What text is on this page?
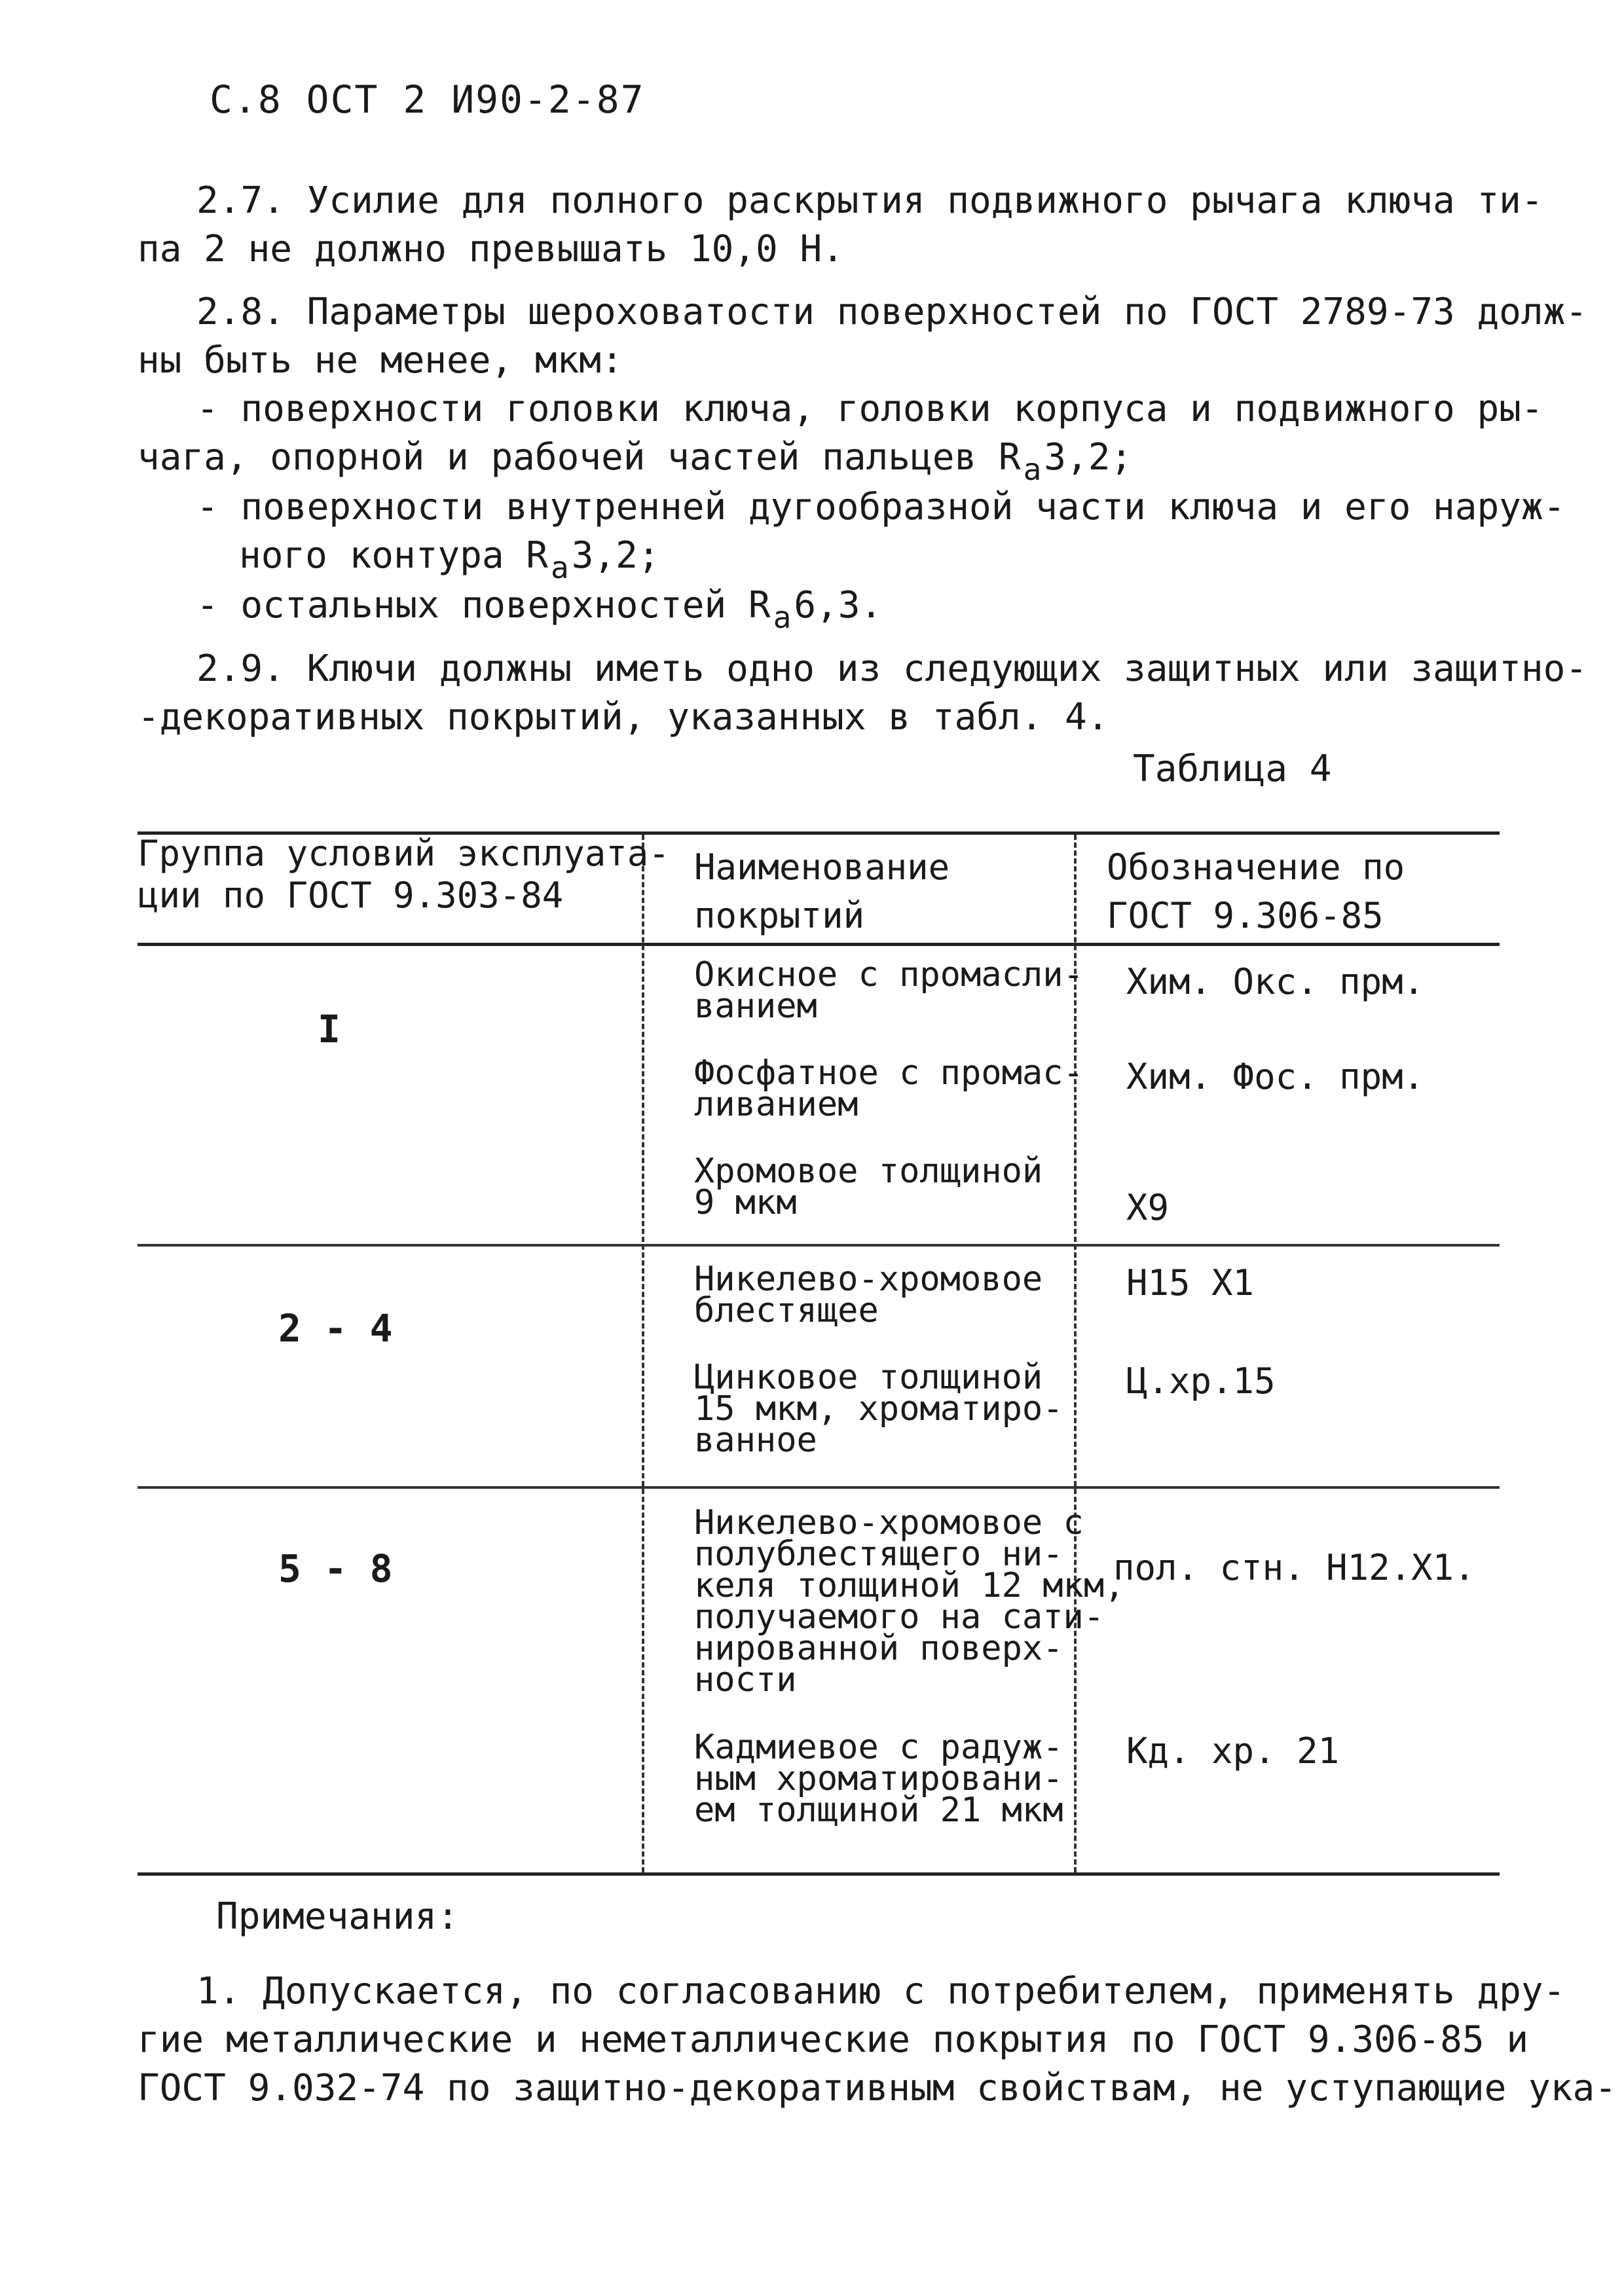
С.8 ОСТ 2 И90-2-87
2.7. Усилие для полного раскрытия подвижного рычага ключа ти-
па 2 не должно превышать 10,0 Н.
2.8. Параметры шероховатости поверхностей по ГОСТ 2789-73 долж-
ны быть не менее, мкм:
- поверхности головки ключа, головки корпуса и подвижного ры-
чага, опорной и рабочей частей пальцев $R_a3,2$;
- поверхности внутренней дугообразной части ключа и его наруж-
ного контура $R_a3,2$;
- остальных поверхностей $R_a6,3$.
2.9. Ключи должны иметь одно из следующих защитных или защитно-
-декоративных покрытий, указанных в табл. 4.
Таблица 4
Группа условий эксплуата-
ции по ГОСТ 9.303-84
Наименование
покрытий
Обозначение по
ГОСТ 9.306-85
I
Окисное с промасли-
ванием
Хим. Окс. прм.
Фосфатное с промас-
ливанием
Хим. Фос. прм.
Хромовое толщиной
9 мкм	Х9
2 - 4
Никелево-хромовое
блестящее
Н15 Х1
Цинковое толщиной
15 мкм, хроматиро-
ванное
Ц.хр.15
5 - 8
Никелево-хромовое с
полублестящего ни-
келя толщиной 12 мкм,
получаемого на сати-
нированной поверх-
ности
пол. стн. Н12.Х1.
Кадмиевое с радуж-
ным хроматировани-
ем толщиной 21 мкм
Кд. хр. 21
Примечания:
1. Допускается, по согласованию с потребителем, применять дру-
гие металлические и неметаллические покрытия по ГОСТ 9.306-85 и
ГОСТ 9.032-74 по защитно-декоративным свойствам, не уступающие ука-
